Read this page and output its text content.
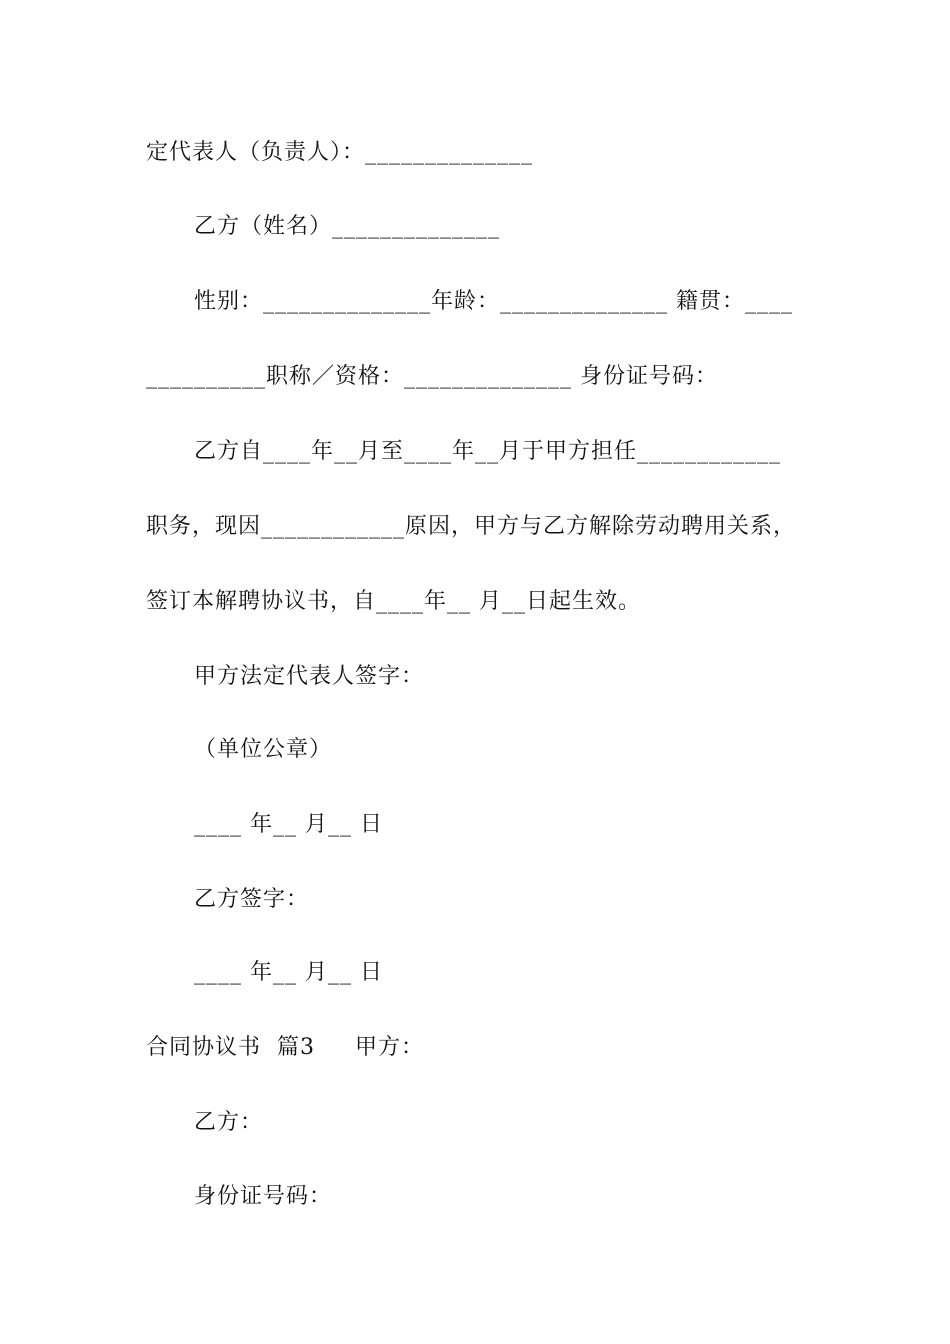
定代表人（负责人）：______________
乙方（姓名）______________
性别：______________年龄：______________ 籍贯：____
__________职称／资格：______________ 身份证号码：
乙方自____年__月至____年__月于甲方担任____________
职务，现因____________原因，甲方与乙方解除劳动聘用关系，
签订本解聘协议书，自____年__ 月__日起生效。
甲方法定代表人签字：
（单位公章）
____ 年__ 月__ 日
乙方签字：
____ 年__ 月__ 日
合同协议书  篇3     甲方：
乙方：
身份证号码：
